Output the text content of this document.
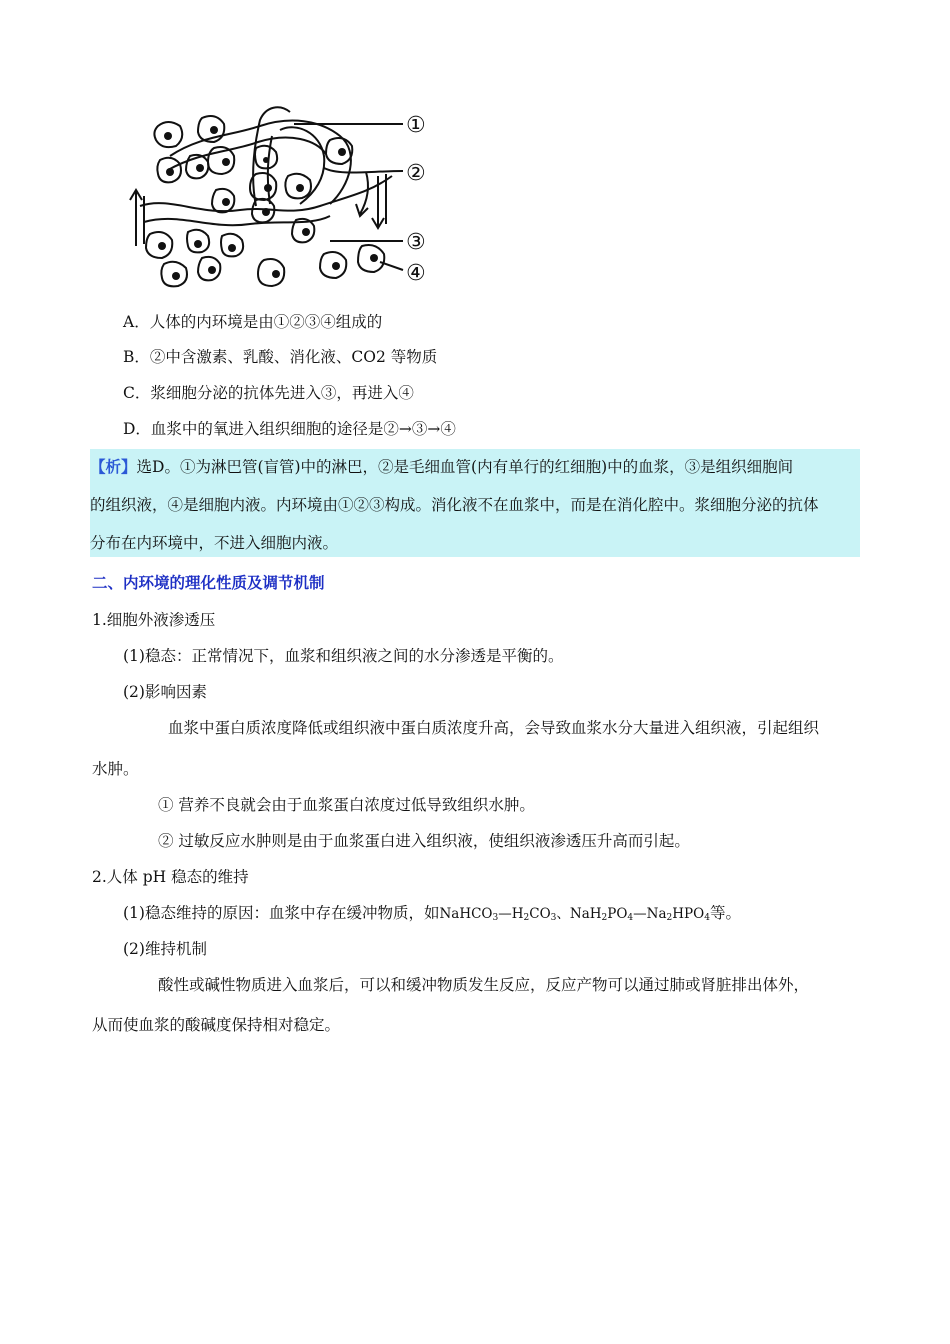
①
②
③
④
A．人体的内环境是由①②③④组成的
B．②中含激素、乳酸、消化液、CO2 等物质
C．浆细胞分泌的抗体先进入③，再进入④
D．血浆中的氧进入组织细胞的途径是②→③→④
【析】选D。①为淋巴管(盲管)中的淋巴，②是毛细血管(内有单行的红细胞)中的血浆，③是组织细胞间
的组织液，④是细胞内液。内环境由①②③构成。消化液不在血浆中，而是在消化腔中。浆细胞分泌的抗体
分布在内环境中，不进入细胞内液。
二、内环境的理化性质及调节机制
1.细胞外液渗透压
(1)稳态：正常情况下，血浆和组织液之间的水分渗透是平衡的。
(2)影响因素
血浆中蛋白质浓度降低或组织液中蛋白质浓度升高，会导致血浆水分大量进入组织液，引起组织
水肿。
① 营养不良就会由于血浆蛋白浓度过低导致组织水肿。
② 过敏反应水肿则是由于血浆蛋白进入组织液，使组织液渗透压升高而引起。
2.人体 pH 稳态的维持
(1)稳态维持的原因：血浆中存在缓冲物质，如$NaHCO_3—H_2CO_3$、$NaH_2PO_4—Na_2HPO_4$等。
(2)维持机制
酸性或碱性物质进入血浆后，可以和缓冲物质发生反应，反应产物可以通过肺或肾脏排出体外，
从而使血浆的酸碱度保持相对稳定。
